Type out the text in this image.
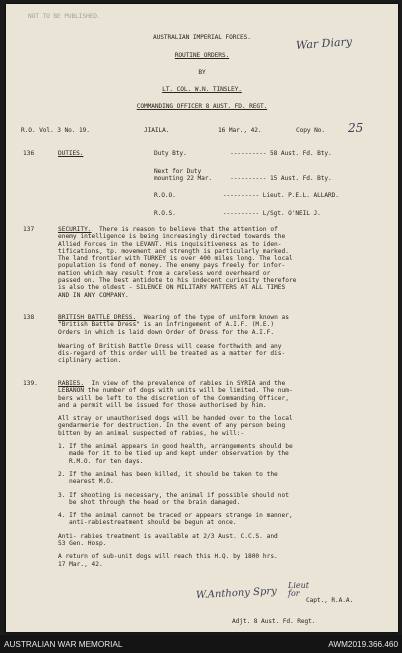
NOT TO BE PUBLISHED.
War Diary
AUSTRALIAN IMPERIAL FORCES.
ROUTINE ORDERS.
BY
LT. COL. W.N. TINSLEY.
COMMANDING OFFICER 8 AUST. FD. REGT.
R.O. Vol. 3 No. 19.	JIAILA.	16 Mar., 42.	Copy No. 25
136	DUTIES.	Duty Bty.            ---------- 58 Aust. Fd. Bty.
Next for Duty
mounting 22 Mar.     ---------- 15 Aust. Fd. Bty.
R.O.O.             ---------- Lieut. P.E.L. ALLARD.
R.O.S.             ---------- L/Sgt. O'NEIL J.
137	SECURITY. There is reason to believe that the attention of
enemy intelligence is being increasingly directed towards the
Allied Forces in the LEVANT. His inquisitiveness as to iden-
tifications, tp. movement and strength is particularly marked.
The land frontier with TURKEY is over 400 miles long. The local
population is fond of money. The enemy pays freely for infor-
mation which may result from a careless word overheard or
passed on. The best antidote to his indecent curiosity therefore
is also the oldest - SILENCE ON MILITARY MATTERS AT ALL TIMES
AND IN ANY COMPANY.
138	BRITISH BATTLE DRESS. Wearing of the type of uniform known as
"British Battle Dress" is an infringement of A.I.F. (M.E.)
Orders in which is laid down Order of Dress for the A.I.F.
Wearing of British Battle Dress will cease forthwith and any
dis-regard of this order will be treated as a matter for dis-
ciplinary action.
139.	RABIES. In view of the prevalence of rabies in SYRIA and the
LEBANON the number of dogs with units will be limited. The num-
bers will be left to the discretion of the Commanding Officer,
and a permit will be issued for those authorised by him.
All stray or unauthorised dogs will be handed over to the local
gendarmerie for destruction. In the event of any person being
bitten by an animal suspected of rabies, he will:-
1. If the animal appears in good health, arrangements should be
made for it to be tied up and kept under observation by the
R.M.O. for ten days.
2. If the animal has been killed, it should be taken to the
nearest M.O.
3. If shooting is necessary, the animal if possible should not
be shot through the head or the brain damaged.
4. If the animal cannot be traced or appears strange in manner,
anti-rabiestreatment should be begun at once.
Anti- rabies treatment is available at 2/3 Aust. C.C.S. and
53 Gen. Hosp.
A return of sub-unit dogs will reach this H.Q. by 1800 hrs.
17 Mar., 42.
W.Anthony Spry
Lieut for
Capt., R.A.A.
Adjt. 8 Aust. Fd. Regt.
AUSTRALIAN WAR MEMORIAL	AWM2019.366.460
